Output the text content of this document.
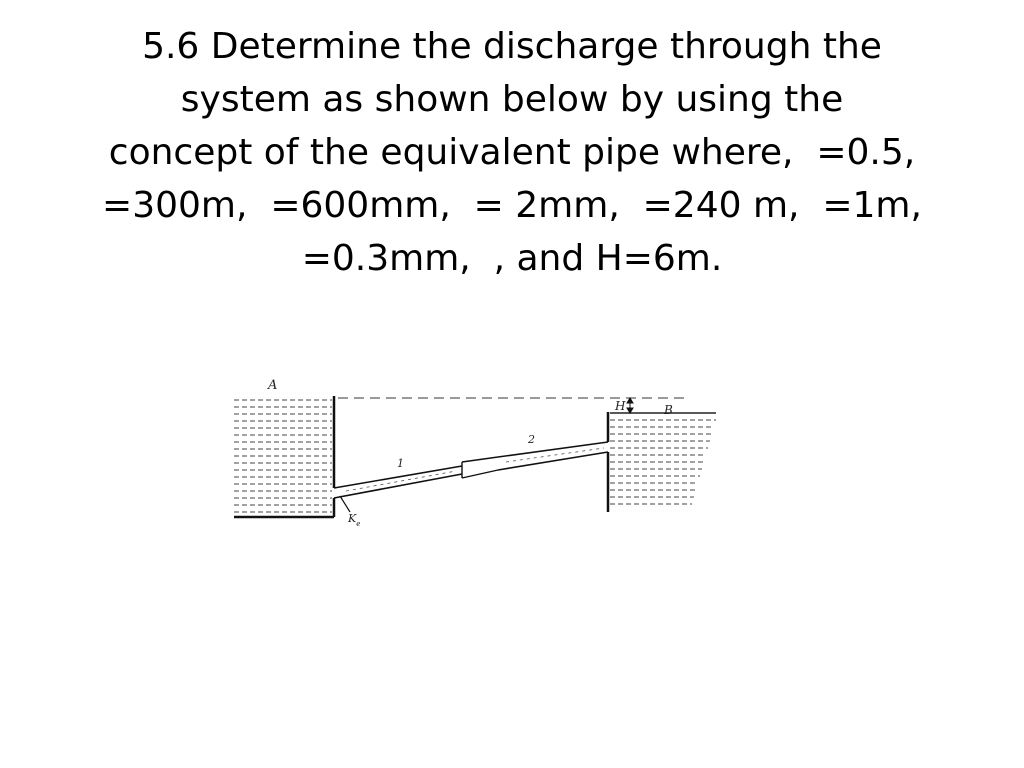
5.6 Determine the discharge through the
system as shown below by using the
concept of the equivalent pipe where,  =0.5,
=300m,  =600mm,  = 2mm,  =240 m,  =1m,
=0.3mm,  , and H=6m.

A
B
H
1
2
$K_e$
